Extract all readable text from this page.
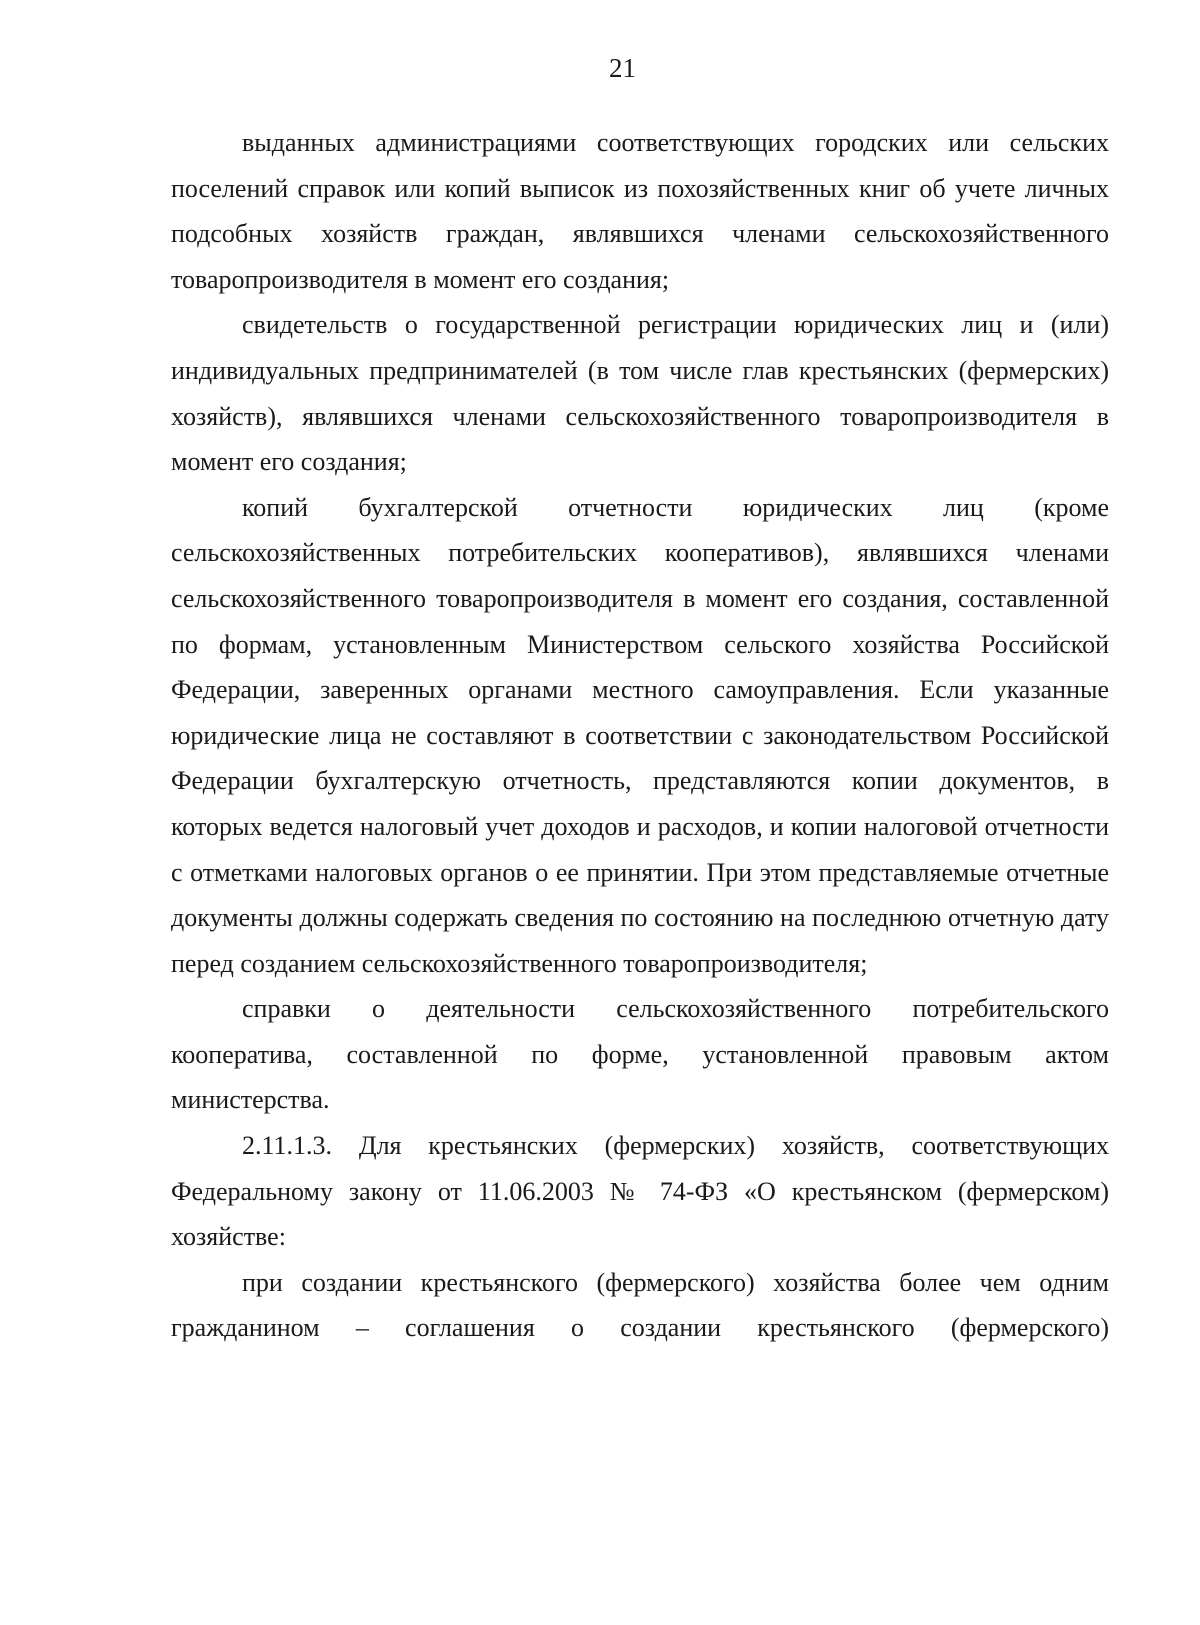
21

выданных администрациями соответствующих городских или сельских поселений справок или копий выписок из похозяйственных книг об учете личных подсобных хозяйств граждан, являвшихся членами сельскохозяйственного товаропроизводителя в момент его создания;

свидетельств о государственной регистрации юридических лиц и (или) индивидуальных предпринимателей (в том числе глав крестьянских (фермерских) хозяйств), являвшихся членами сельскохозяйственного товаропроизводителя в момент его создания;

копий бухгалтерской отчетности юридических лиц (кроме сельскохозяйственных потребительских кооперативов), являвшихся членами сельскохозяйственного товаропроизводителя в момент его создания, составленной по формам, установленным Министерством сельского хозяйства Российской Федерации, заверенных органами местного самоуправления. Если указанные юридические лица не составляют в соответствии с законодательством Российской Федерации бухгалтерскую отчетность, представляются копии документов, в которых ведется налоговый учет доходов и расходов, и копии налоговой отчетности с отметками налоговых органов о ее принятии. При этом представляемые отчетные документы должны содержать сведения по состоянию на последнюю отчетную дату перед созданием сельскохозяйственного товаропроизводителя;

справки о деятельности сельскохозяйственного потребительского кооператива, составленной по форме, установленной правовым актом министерства.

2.11.1.3. Для крестьянских (фермерских) хозяйств, соответствующих Федеральному закону от 11.06.2003 № 74-ФЗ «О крестьянском (фермерском) хозяйстве:

при создании крестьянского (фермерского) хозяйства более чем одним гражданином – соглашения о создании крестьянского (фермерского)
